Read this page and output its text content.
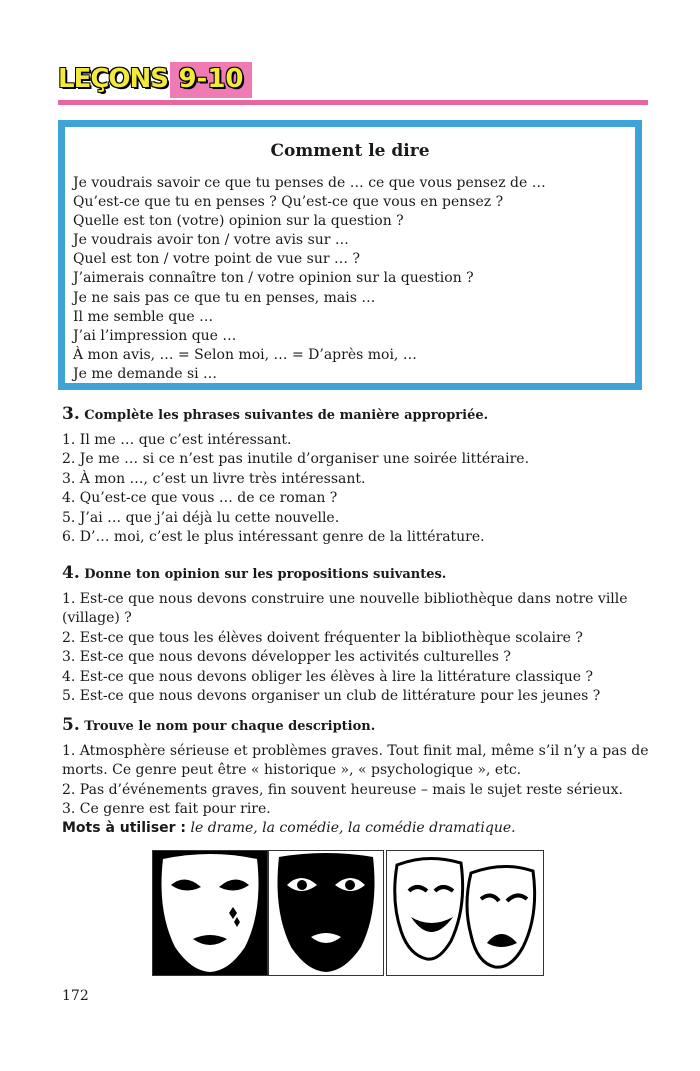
LEÇONS 9-10
Comment le dire
Je voudrais savoir ce que tu penses de … ce que vous pensez de …
Qu’est-ce que tu en penses ? Qu’est-ce que vous en pensez ?
Quelle est ton (votre) opinion sur la question ?
Je voudrais avoir ton / votre avis sur …
Quel est ton / votre point de vue sur … ?
J’aimerais connaître ton / votre opinion sur la question ?
Je ne sais pas ce que tu en penses, mais …
Il me semble que …
J’ai l’impression que …
À mon avis, … = Selon moi, … = D’après moi, …
Je me demande si …
3. Complète les phrases suivantes de manière appropriée.
1. Il me … que c’est intéressant.
2. Je me … si ce n’est pas inutile d’organiser une soirée littéraire.
3. À mon …, c’est un livre très intéressant.
4. Qu’est-ce que vous … de ce roman ?
5. J’ai … que j’ai déjà lu cette nouvelle.
6. D’… moi, c’est le plus intéressant genre de la littérature.
4. Donne ton opinion sur les propositions suivantes.
1. Est-ce que nous devons construire une nouvelle bibliothèque dans notre ville (village) ?
2. Est-ce que tous les élèves doivent fréquenter la bibliothèque scolaire ?
3. Est-ce que nous devons développer les activités culturelles ?
4. Est-ce que nous devons obliger les élèves à lire la littérature classique ?
5. Est-ce que nous devons organiser un club de littérature pour les jeunes ?
5. Trouve le nom pour chaque description.
1. Atmosphère sérieuse et problèmes graves. Tout finit mal, même s’il n’y a pas de morts. Ce genre peut être « historique », « psychologique », etc.
2. Pas d’événements graves, fin souvent heureuse – mais le sujet reste sérieux.
3. Ce genre est fait pour rire.
Mots à utiliser : le drame, la comédie, la comédie dramatique.
172
